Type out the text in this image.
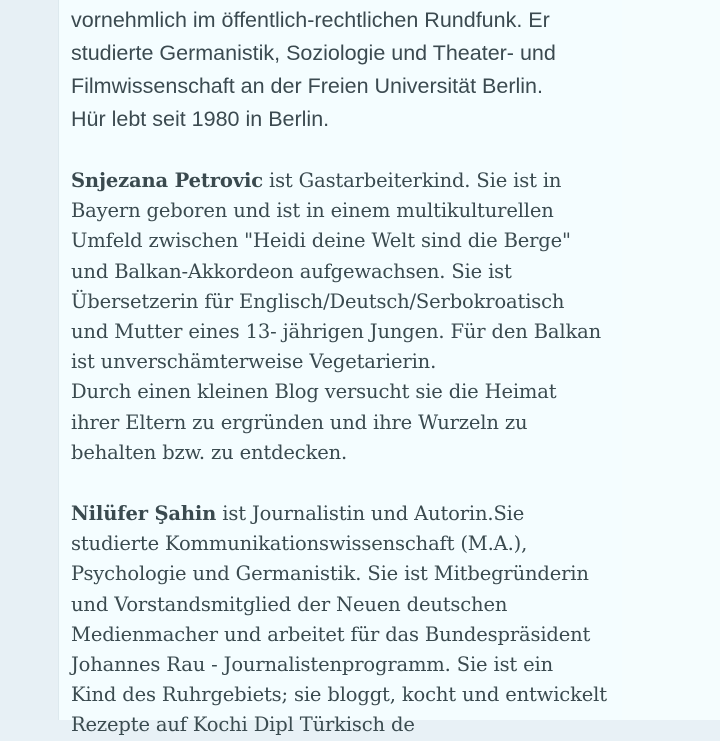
vornehmlich im öffentlich-rechtlichen Rundfunk. Er
studierte Germanistik, Soziologie und Theater- und
Filmwissenschaft an der Freien Universität Berlin.
Hür lebt seit 1980 in Berlin.

Snjezana Petrovic ist Gastarbeiterkind. Sie ist in
Bayern geboren und ist in einem multikulturellen
Umfeld zwischen "Heidi deine Welt sind die Berge"
und Balkan-Akkordeon aufgewachsen. Sie ist
Übersetzerin für Englisch/Deutsch/Serbokroatisch
und Mutter eines 13- jährigen Jungen. Für den Balkan
ist unverschämterweise Vegetarierin.
Durch einen kleinen Blog versucht sie die Heimat
ihrer Eltern zu ergründen und ihre Wurzeln zu
behalten bzw. zu entdecken.

Nilüfer Şahin ist Journalistin und Autorin.Sie
studierte Kommunikationswissenschaft (M.A.),
Psychologie und Germanistik. Sie ist Mitbegründerin
und Vorstandsmitglied der Neuen deutschen
Medienmacher und arbeitet für das Bundespräsident
Johannes Rau - Journalistenprogramm. Sie ist ein
Kind des Ruhrgebiets; sie bloggt, kocht und entwickelt
Rezepte auf Kochi Dipl Türkisch de
